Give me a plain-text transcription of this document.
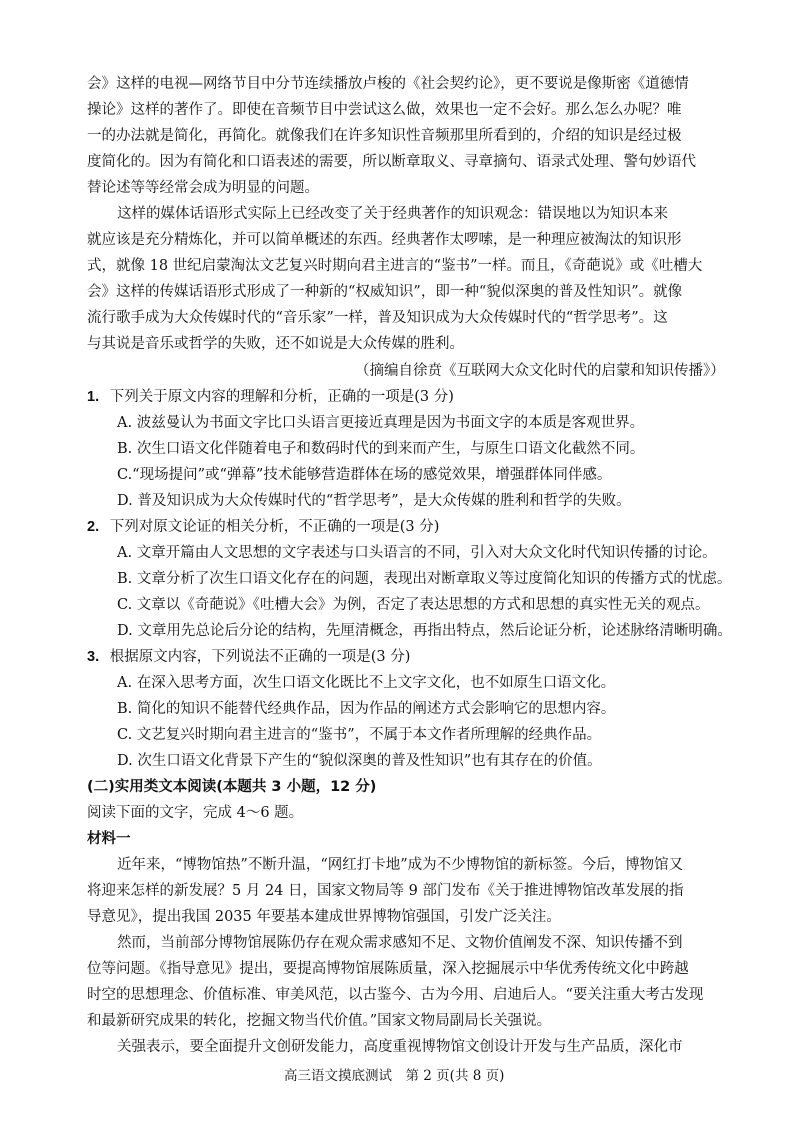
会》这样的电视—网络节目中分节连续播放卢梭的《社会契约论》，更不要说是像斯密《道德情
操论》这样的著作了。即使在音频节目中尝试这么做，效果也一定不会好。那么怎么办呢？唯
一的办法就是简化，再简化。就像我们在许多知识性音频那里所看到的，介绍的知识是经过极
度简化的。因为有简化和口语表述的需要，所以断章取义、寻章摘句、语录式处理、警句妙语代
替论述等等经常会成为明显的问题。
这样的媒体话语形式实际上已经改变了关于经典著作的知识观念：错误地以为知识本来
就应该是充分精炼化，并可以简单概述的东西。经典著作太啰嗦，是一种理应被淘汰的知识形
式，就像 18 世纪启蒙淘汰文艺复兴时期向君主进言的“鉴书”一样。而且，《奇葩说》或《吐槽大
会》这样的传媒话语形式形成了一种新的“权威知识”，即一种“貌似深奥的普及性知识”。就像
流行歌手成为大众传媒时代的“音乐家”一样，普及知识成为大众传媒时代的“哲学思考”。这
与其说是音乐或哲学的失败，还不如说是大众传媒的胜利。
（摘编自徐贲《互联网大众文化时代的启蒙和知识传播》）
1. 下列关于原文内容的理解和分析，正确的一项是(3 分)
A. 波兹曼认为书面文字比口头语言更接近真理是因为书面文字的本质是客观世界。
B. 次生口语文化伴随着电子和数码时代的到来而产生，与原生口语文化截然不同。
C.“现场提问”或“弹幕”技术能够营造群体在场的感觉效果，增强群体同伴感。
D. 普及知识成为大众传媒时代的“哲学思考”，是大众传媒的胜利和哲学的失败。
2. 下列对原文论证的相关分析，不正确的一项是(3 分)
A. 文章开篇由人文思想的文字表述与口头语言的不同，引入对大众文化时代知识传播的讨论。
B. 文章分析了次生口语文化存在的问题，表现出对断章取义等过度简化知识的传播方式的忧虑。
C. 文章以《奇葩说》《吐槽大会》为例，否定了表达思想的方式和思想的真实性无关的观点。
D. 文章用先总论后分论的结构，先厘清概念，再指出特点，然后论证分析，论述脉络清晰明确。
3. 根据原文内容，下列说法不正确的一项是(3 分)
A. 在深入思考方面，次生口语文化既比不上文字文化，也不如原生口语文化。
B. 简化的知识不能替代经典作品，因为作品的阐述方式会影响它的思想内容。
C. 文艺复兴时期向君主进言的“鉴书”，不属于本文作者所理解的经典作品。
D. 次生口语文化背景下产生的“貌似深奥的普及性知识”也有其存在的价值。
(二)实用类文本阅读(本题共 3 小题，12 分)
阅读下面的文字，完成 4～6 题。
材料一
近年来，“博物馆热”不断升温，“网红打卡地”成为不少博物馆的新标签。今后，博物馆又
将迎来怎样的新发展？5 月 24 日，国家文物局等 9 部门发布《关于推进博物馆改革发展的指
导意见》，提出我国 2035 年要基本建成世界博物馆强国，引发广泛关注。
然而，当前部分博物馆展陈仍存在观众需求感知不足、文物价值阐发不深、知识传播不到
位等问题。《指导意见》提出，要提高博物馆展陈质量，深入挖掘展示中华优秀传统文化中跨越
时空的思想理念、价值标准、审美风范，以古鉴今、古为今用、启迪后人。“要关注重大考古发现
和最新研究成果的转化，挖掘文物当代价值。”国家文物局副局长关强说。
关强表示，要全面提升文创研发能力，高度重视博物馆文创设计开发与生产品质，深化市
高三语文摸底测试　第 2 页(共 8 页)
